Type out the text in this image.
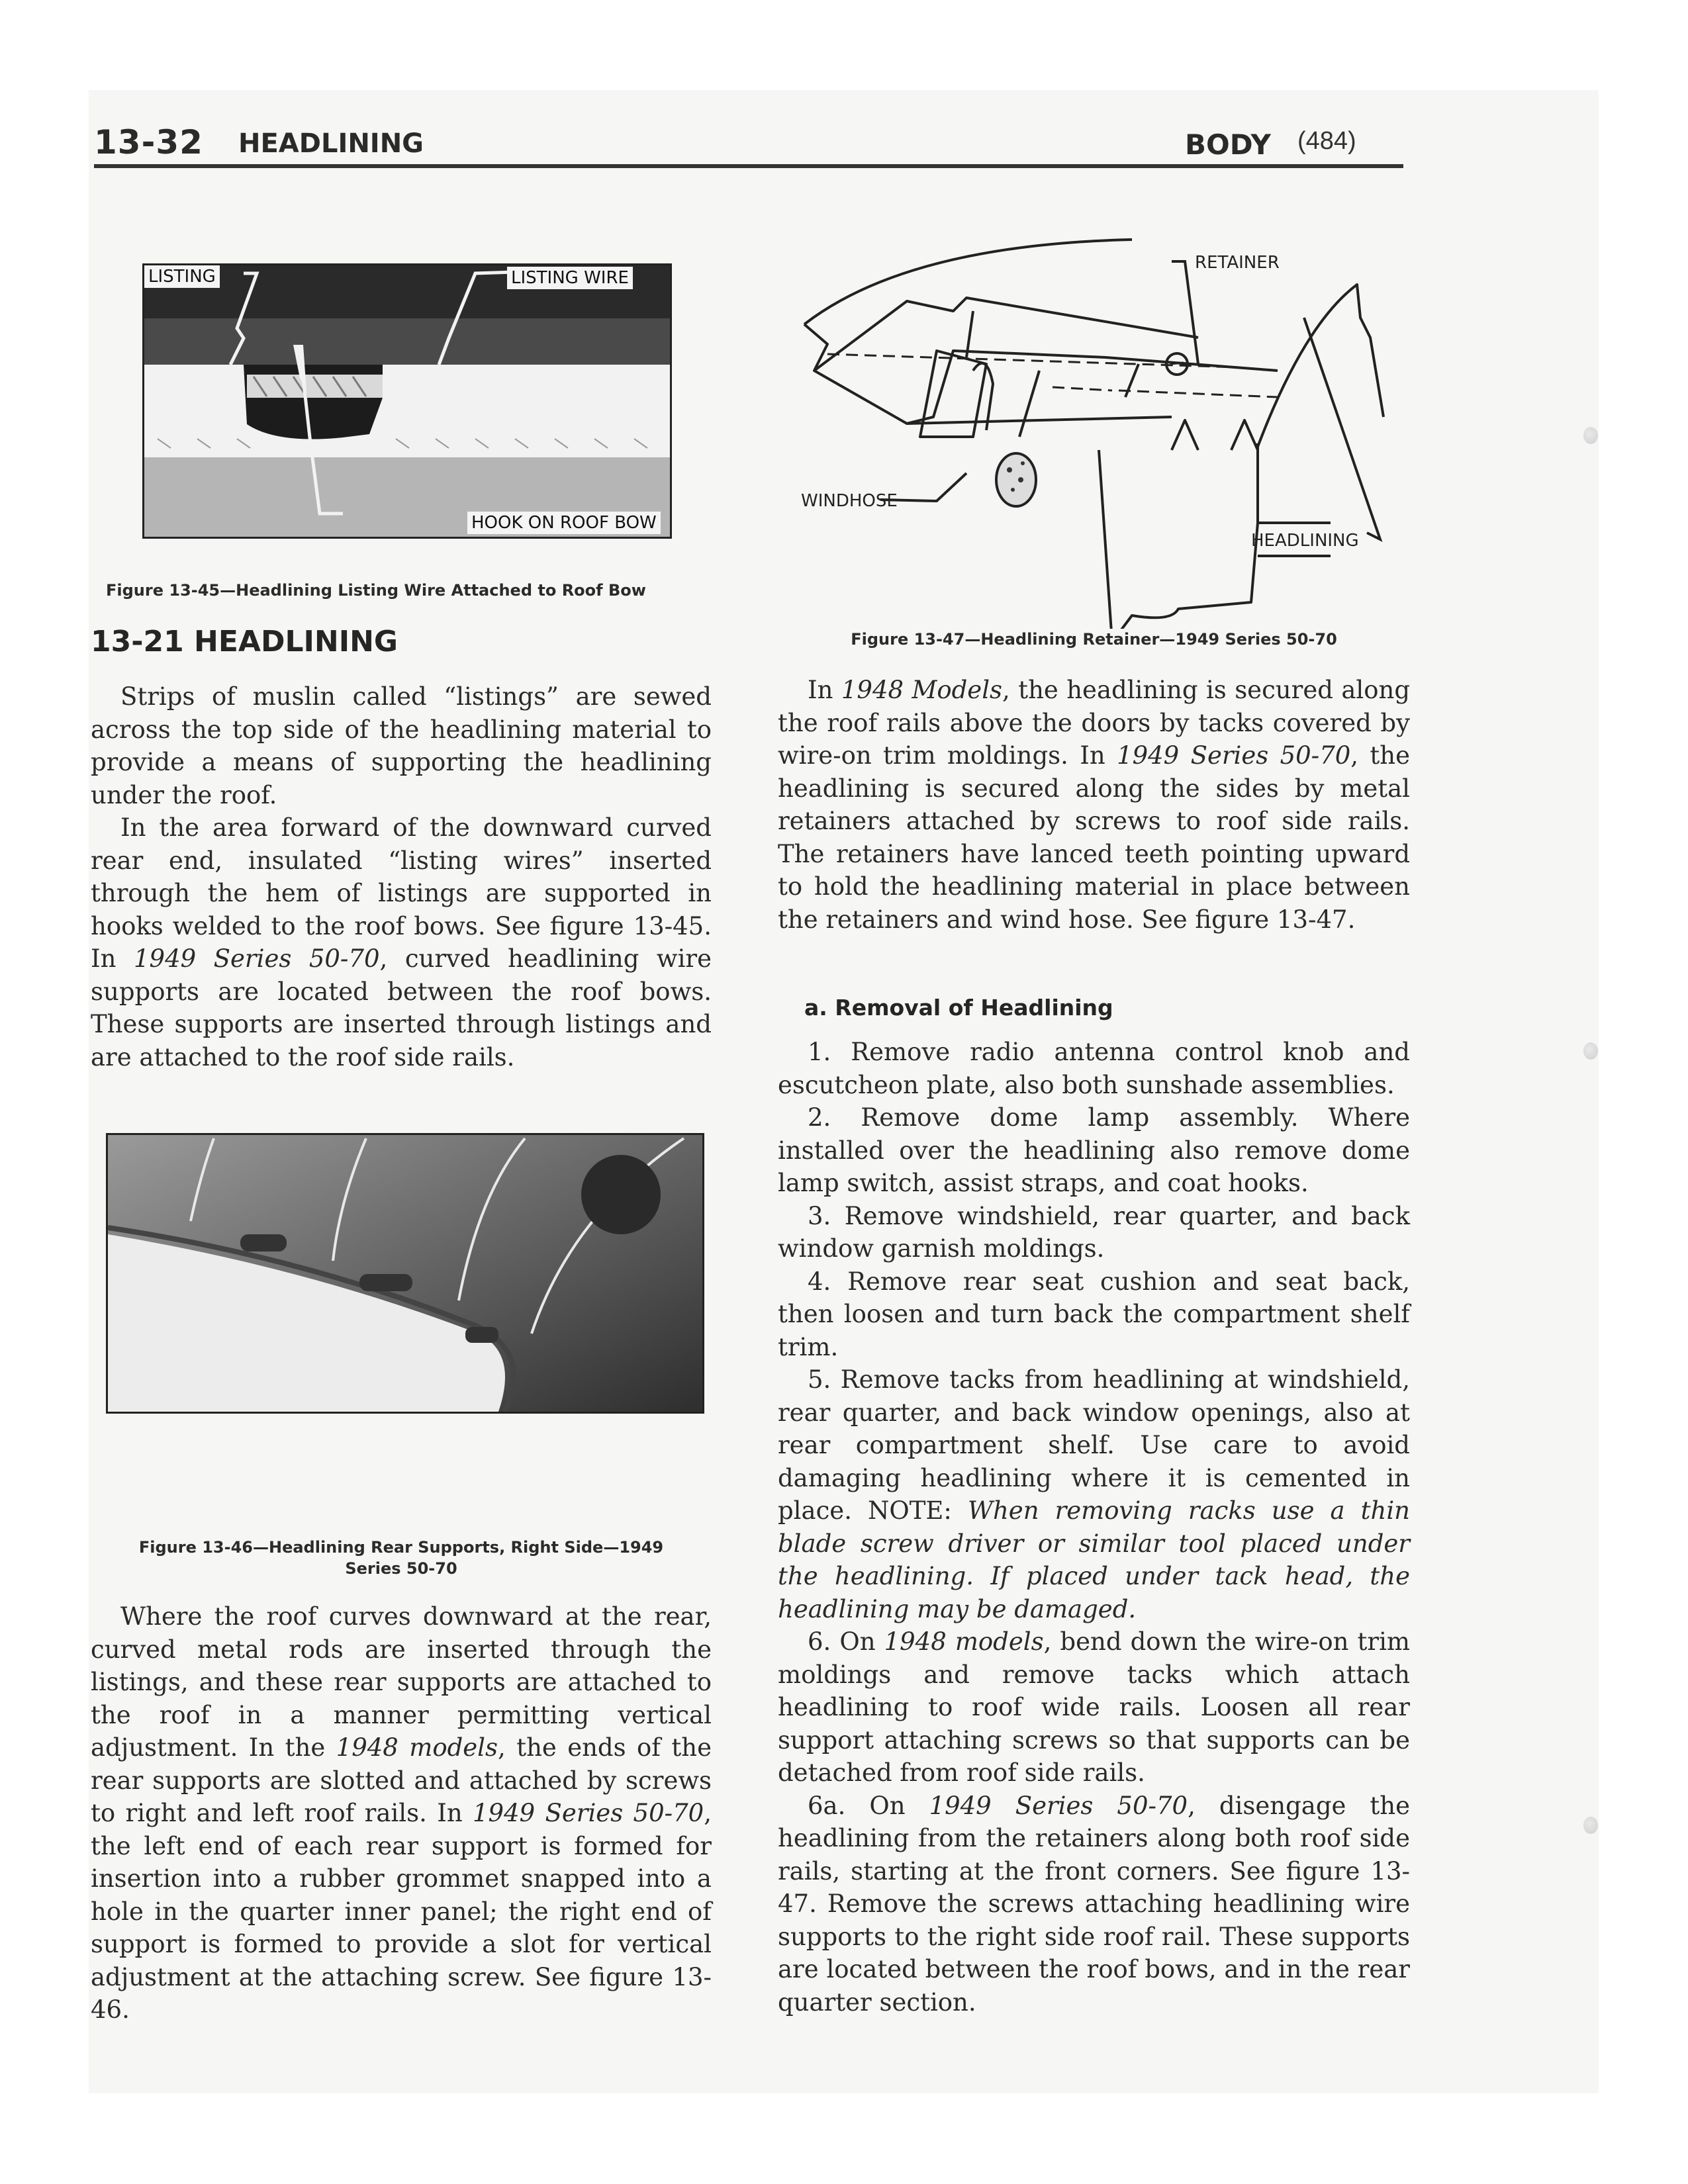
13-32 HEADLINING	BODY (484)
LISTING	LISTING WIRE
HOOK ON ROOF BOW
Figure 13-45—Headlining Listing Wire Attached to Roof Bow
13-21 HEADLINING

Strips of muslin called “listings” are sewed across the top side of the headlining material to provide a means of supporting the headlining under the roof.

In the area forward of the downward curved rear end, insulated “listing wires” inserted through the hem of listings are supported in hooks welded to the roof bows. See figure 13-45. In 1949 Series 50-70, curved headlining wire supports are located between the roof bows. These supports are inserted through listings and are attached to the roof side rails.

Figure 13-46—Headlining Rear Supports, Right Side—1949
Series 50-70

Where the roof curves downward at the rear, curved metal rods are inserted through the listings, and these rear supports are attached to the roof in a manner permitting vertical adjustment. In the 1948 models, the ends of the rear supports are slotted and attached by screws to right and left roof rails. In 1949 Series 50-70, the left end of each rear support is formed for insertion into a rubber grommet snapped into a hole in the quarter inner panel; the right end of support is formed to provide a slot for vertical adjustment at the attaching screw. See figure 13-46.

RETAINER
WINDHOSE
HEADLINING
Figure 13-47—Headlining Retainer—1949 Series 50-70

In 1948 Models, the headlining is secured along the roof rails above the doors by tacks covered by wire-on trim moldings. In 1949 Series 50-70, the headlining is secured along the sides by metal retainers attached by screws to roof side rails. The retainers have lanced teeth pointing upward to hold the headlining material in place between the retainers and wind hose. See figure 13-47.

a. Removal of Headlining

1. Remove radio antenna control knob and escutcheon plate, also both sunshade assemblies.

2. Remove dome lamp assembly. Where installed over the headlining also remove dome lamp switch, assist straps, and coat hooks.

3. Remove windshield, rear quarter, and back window garnish moldings.

4. Remove rear seat cushion and seat back, then loosen and turn back the compartment shelf trim.

5. Remove tacks from headlining at windshield, rear quarter, and back window openings, also at rear compartment shelf. Use care to avoid damaging headlining where it is cemented in place. NOTE: When removing racks use a thin blade screw driver or similar tool placed under the headlining. If placed under tack head, the headlining may be damaged.

6. On 1948 models, bend down the wire-on trim moldings and remove tacks which attach headlining to roof wide rails. Loosen all rear support attaching screws so that supports can be detached from roof side rails.

6a. On 1949 Series 50-70, disengage the headlining from the retainers along both roof side rails, starting at the front corners. See figure 13-47. Remove the screws attaching headlining wire supports to the right side roof rail. These supports are located between the roof bows, and in the rear quarter section.
